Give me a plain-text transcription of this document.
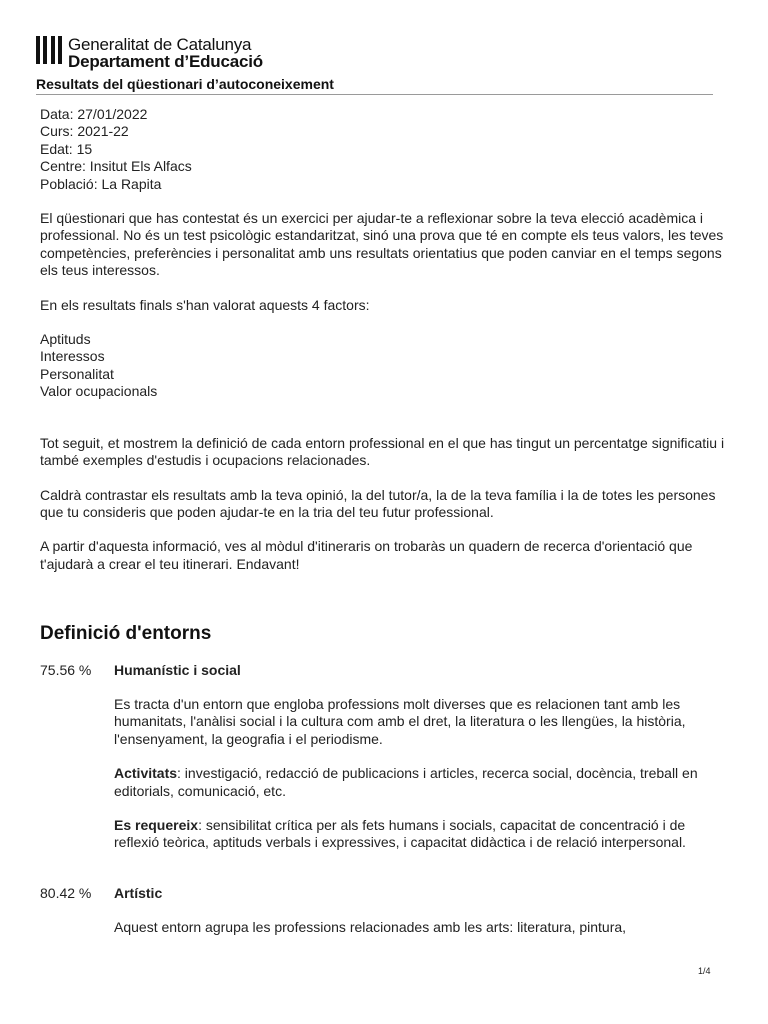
Generalitat de Catalunya
Departament d’Educació
Resultats del qüestionari d’autoconeixement

Data: 27/01/2022

Curs: 2021-22

Edat: 15

Centre: Insitut Els Alfacs

Població: La Rapita

El qüestionari que has contestat és un exercici per ajudar-te a reflexionar sobre la teva elecció acadèmica i professional. No és un test psicològic estandaritzat, sinó una prova que té en compte els teus valors, les teves competències, preferències i personalitat amb uns resultats orientatius que poden canviar en el temps segons els teus interessos.

En els resultats finals s'han valorat aquests 4 factors:

Aptituds

Interessos

Personalitat

Valor ocupacionals

Tot seguit, et mostrem la definició de cada entorn professional en el que has tingut un percentatge significatiu i també exemples d'estudis i ocupacions relacionades.

Caldrà contrastar els resultats amb la teva opinió, la del tutor/a, la de la teva família i la de totes les persones que tu consideris que poden ajudar-te en la tria del teu futur professional.

A partir d'aquesta informació, ves al mòdul d'itineraris on trobaràs un quadern de recerca d'orientació que t'ajudarà a crear el teu itinerari. Endavant!

Definició d'entorns
75.56 % Humanístic i social

Es tracta d'un entorn que engloba professions molt diverses que es relacionen tant amb les humanitats, l'anàlisi social i la cultura com amb el dret, la literatura o les llengües, la història, l'ensenyament, la geografia i el periodisme.

Activitats: investigació, redacció de publicacions i articles, recerca social, docència, treball en editorials, comunicació, etc.

Es requereix: sensibilitat crítica per als fets humans i socials, capacitat de concentració i de reflexió teòrica, aptituds verbals i expressives, i capacitat didàctica i de relació interpersonal.

80.42 % Artístic

Aquest entorn agrupa les professions relacionades amb les arts: literatura, pintura,

1/4
